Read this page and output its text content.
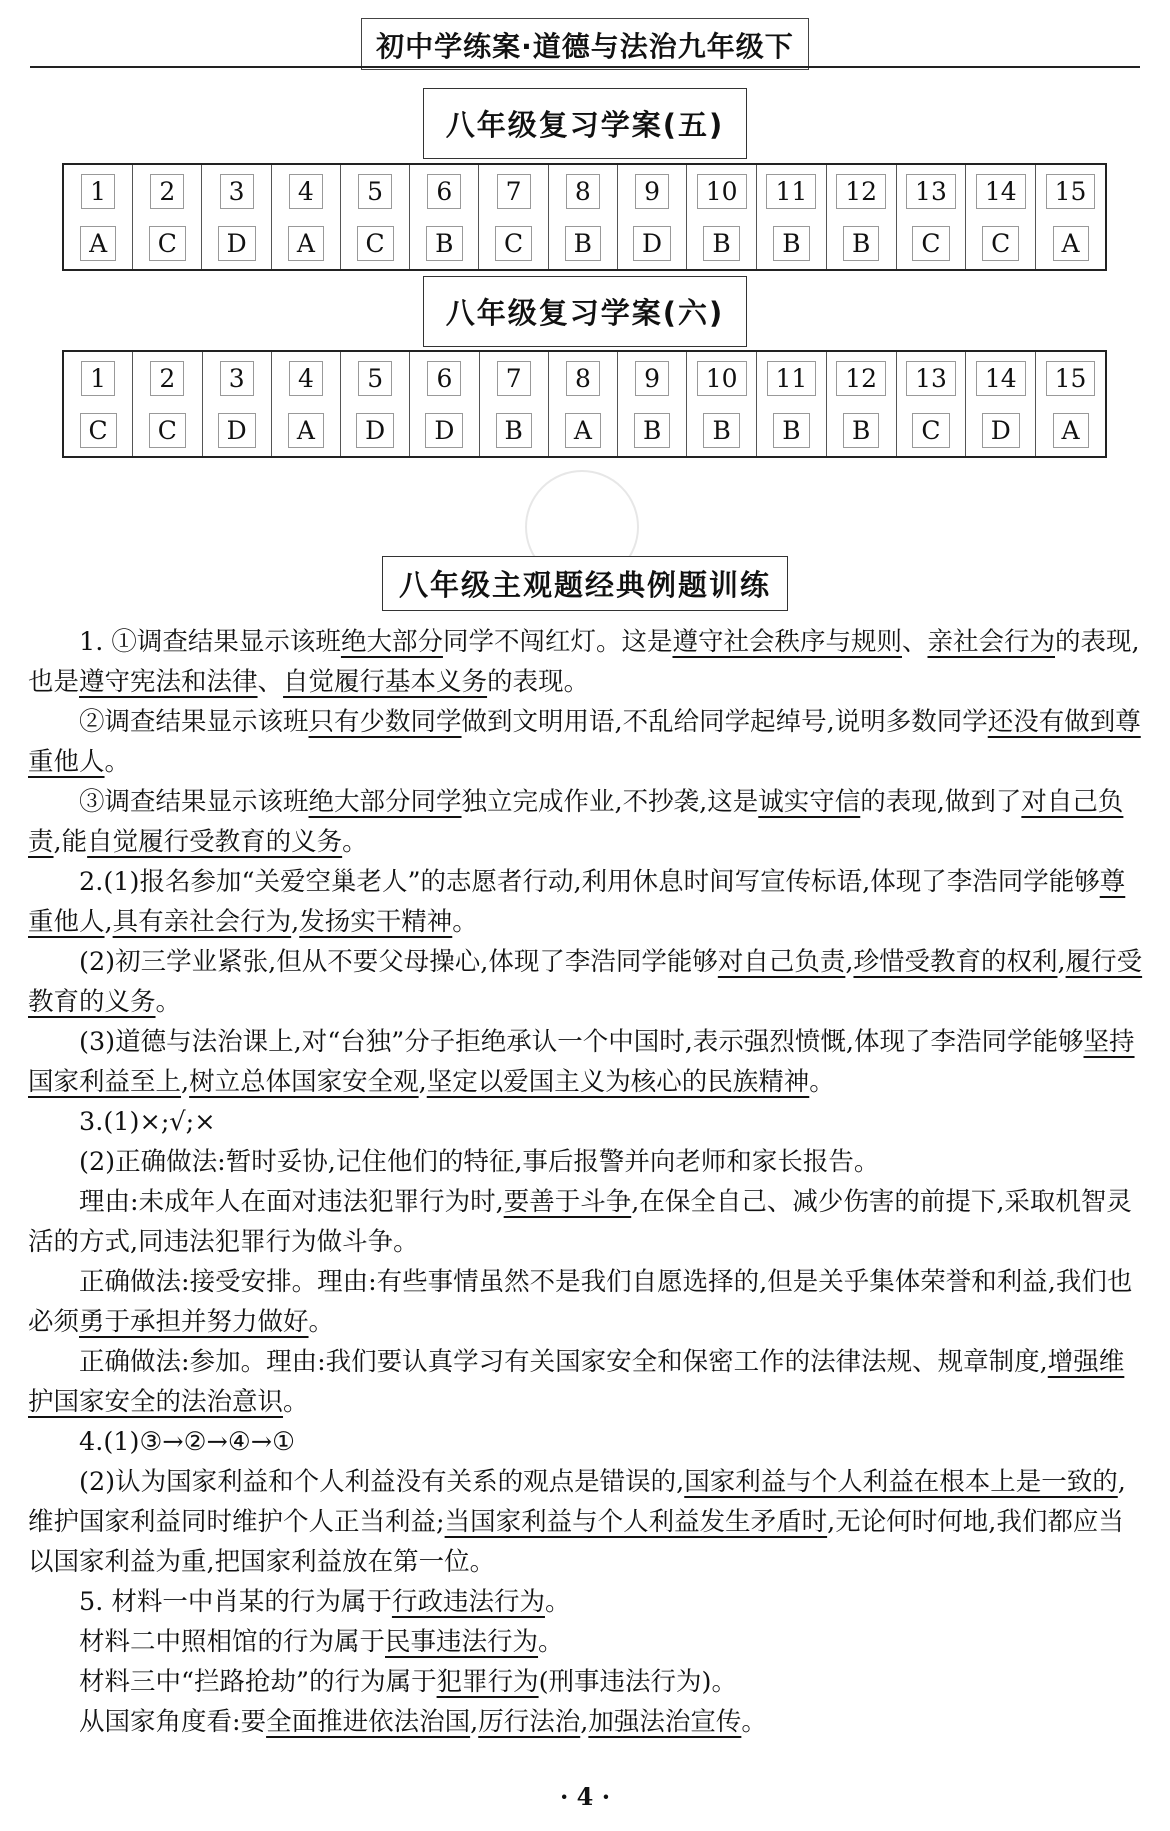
初中学练案·道德与法治九年级下
八年级复习学案(五)
1	2	3	4	5	6	7	8	9	10	11	12	13	14	15
A	C	D	A	C	B	C	B	D	B	B	B	C	C	A
八年级复习学案(六)
1	2	3	4	5	6	7	8	9	10	11	12	13	14	15
C	C	D	A	D	D	B	A	B	B	B	B	C	D	A
八年级主观题经典例题训练

1. ①调查结果显示该班绝大部分同学不闯红灯。这是遵守社会秩序与规则、亲社会行为的表现,也是遵守宪法和法律、自觉履行基本义务的表现。

②调查结果显示该班只有少数同学做到文明用语,不乱给同学起绰号,说明多数同学还没有做到尊重他人。

③调查结果显示该班绝大部分同学独立完成作业,不抄袭,这是诚实守信的表现,做到了对自己负责,能自觉履行受教育的义务。

2.(1)报名参加“关爱空巢老人”的志愿者行动,利用休息时间写宣传标语,体现了李浩同学能够尊重他人,具有亲社会行为,发扬实干精神。

(2)初三学业紧张,但从不要父母操心,体现了李浩同学能够对自己负责,珍惜受教育的权利,履行受教育的义务。

(3)道德与法治课上,对“台独”分子拒绝承认一个中国时,表示强烈愤慨,体现了李浩同学能够坚持国家利益至上,树立总体国家安全观,坚定以爱国主义为核心的民族精神。

3.(1)×;√;×

(2)正确做法:暂时妥协,记住他们的特征,事后报警并向老师和家长报告。

理由:未成年人在面对违法犯罪行为时,要善于斗争,在保全自己、减少伤害的前提下,采取机智灵活的方式,同违法犯罪行为做斗争。

正确做法:接受安排。理由:有些事情虽然不是我们自愿选择的,但是关乎集体荣誉和利益,我们也必须勇于承担并努力做好。

正确做法:参加。理由:我们要认真学习有关国家安全和保密工作的法律法规、规章制度,增强维护国家安全的法治意识。

4.(1)③→②→④→①

(2)认为国家利益和个人利益没有关系的观点是错误的,国家利益与个人利益在根本上是一致的,维护国家利益同时维护个人正当利益;当国家利益与个人利益发生矛盾时,无论何时何地,我们都应当以国家利益为重,把国家利益放在第一位。

5. 材料一中肖某的行为属于行政违法行为。

材料二中照相馆的行为属于民事违法行为。

材料三中“拦路抢劫”的行为属于犯罪行为(刑事违法行为)。

从国家角度看:要全面推进依法治国,厉行法治,加强法治宣传。

· 4 ·
